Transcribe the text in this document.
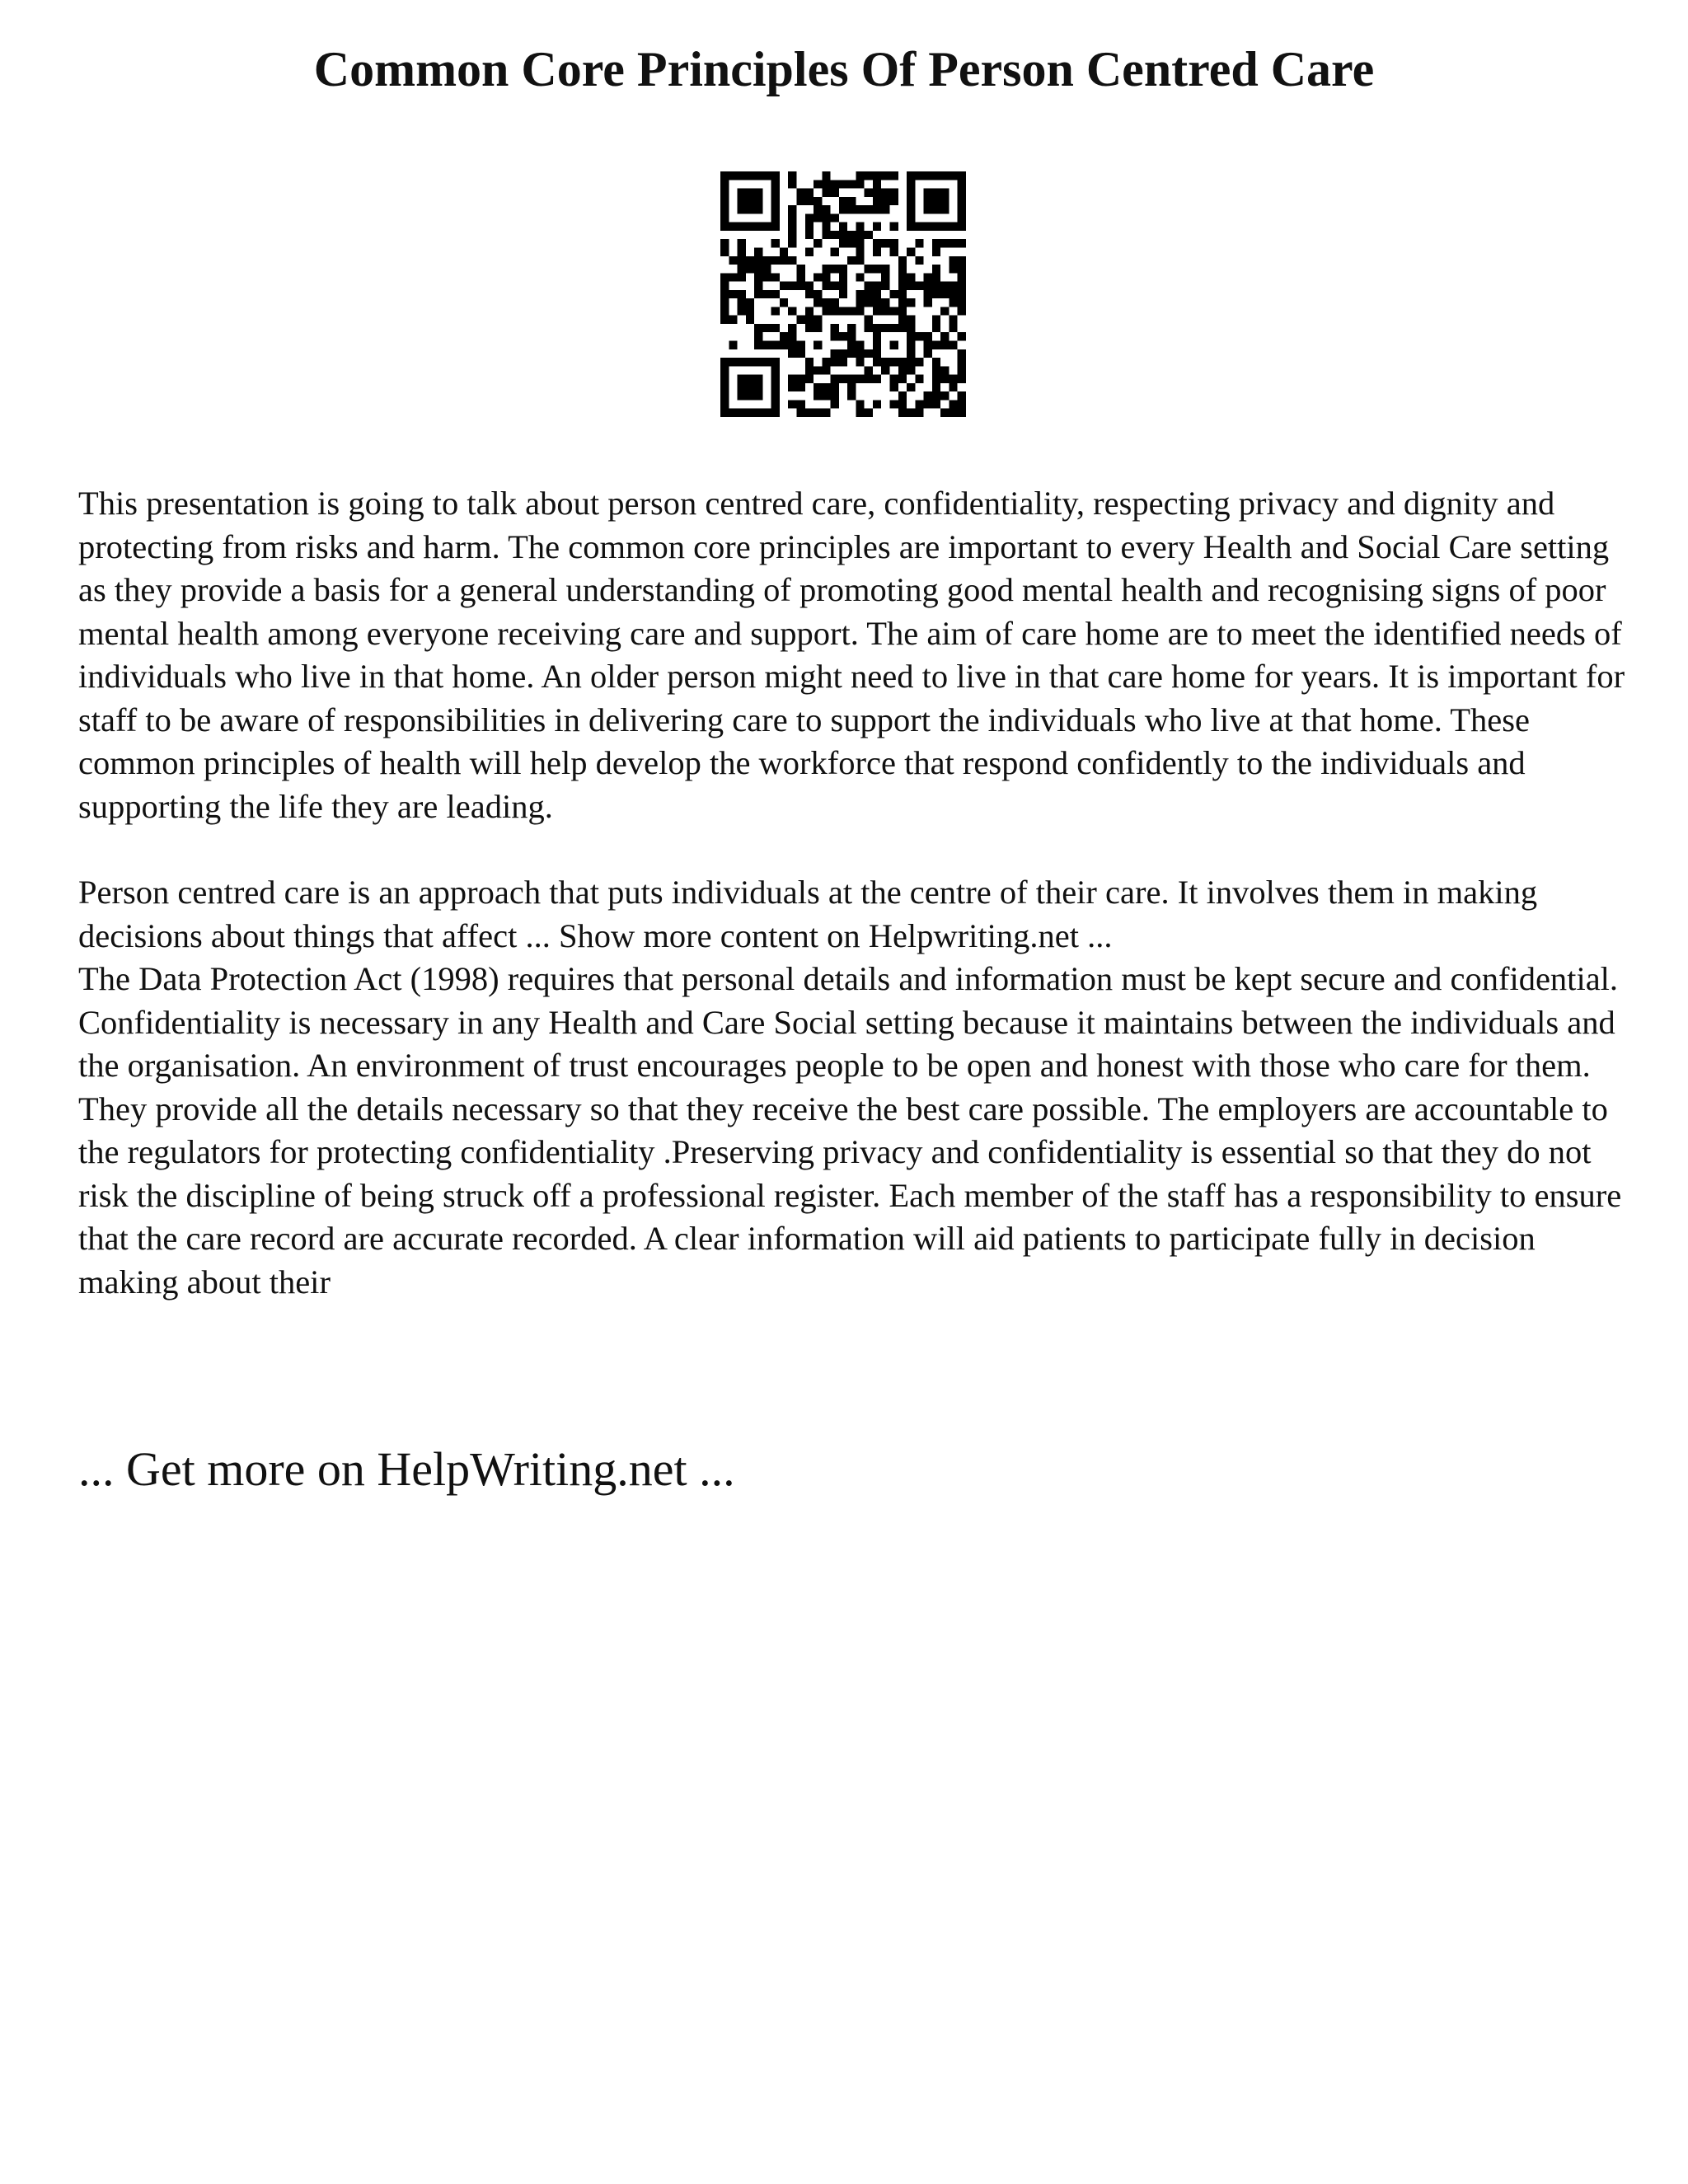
Common Core Principles Of Person Centred Care

This presentation is going to talk about person centred care, confidentiality, respecting privacy and dignity and protecting from risks and harm. The common core principles are important to every Health and Social Care setting as they provide a basis for a general understanding of promoting good mental health and recognising signs of poor mental health among everyone receiving care and support. The aim of care home are to meet the identified needs of individuals who live in that home. An older person might need to live in that care home for years. It is important for staff to be aware of responsibilities in delivering care to support the individuals who live at that home. These common principles of health will help develop the workforce that respond confidently to the individuals and supporting the life they are leading.

Person centred care is an approach that puts individuals at the centre of their care. It involves them in making decisions about things that affect ... Show more content on Helpwriting.net ...

The Data Protection Act (1998) requires that personal details and information must be kept secure and confidential. Confidentiality is necessary in any Health and Care Social setting because it maintains between the individuals and the organisation. An environment of trust encourages people to be open and honest with those who care for them. They provide all the details necessary so that they receive the best care possible. The employers are accountable to the regulators for protecting confidentiality .Preserving privacy and confidentiality is essential so that they do not risk the discipline of being struck off a professional register. Each member of the staff has a responsibility to ensure that the care record are accurate recorded. A clear information will aid patients to participate fully in decision making about their

... Get more on HelpWriting.net ...
